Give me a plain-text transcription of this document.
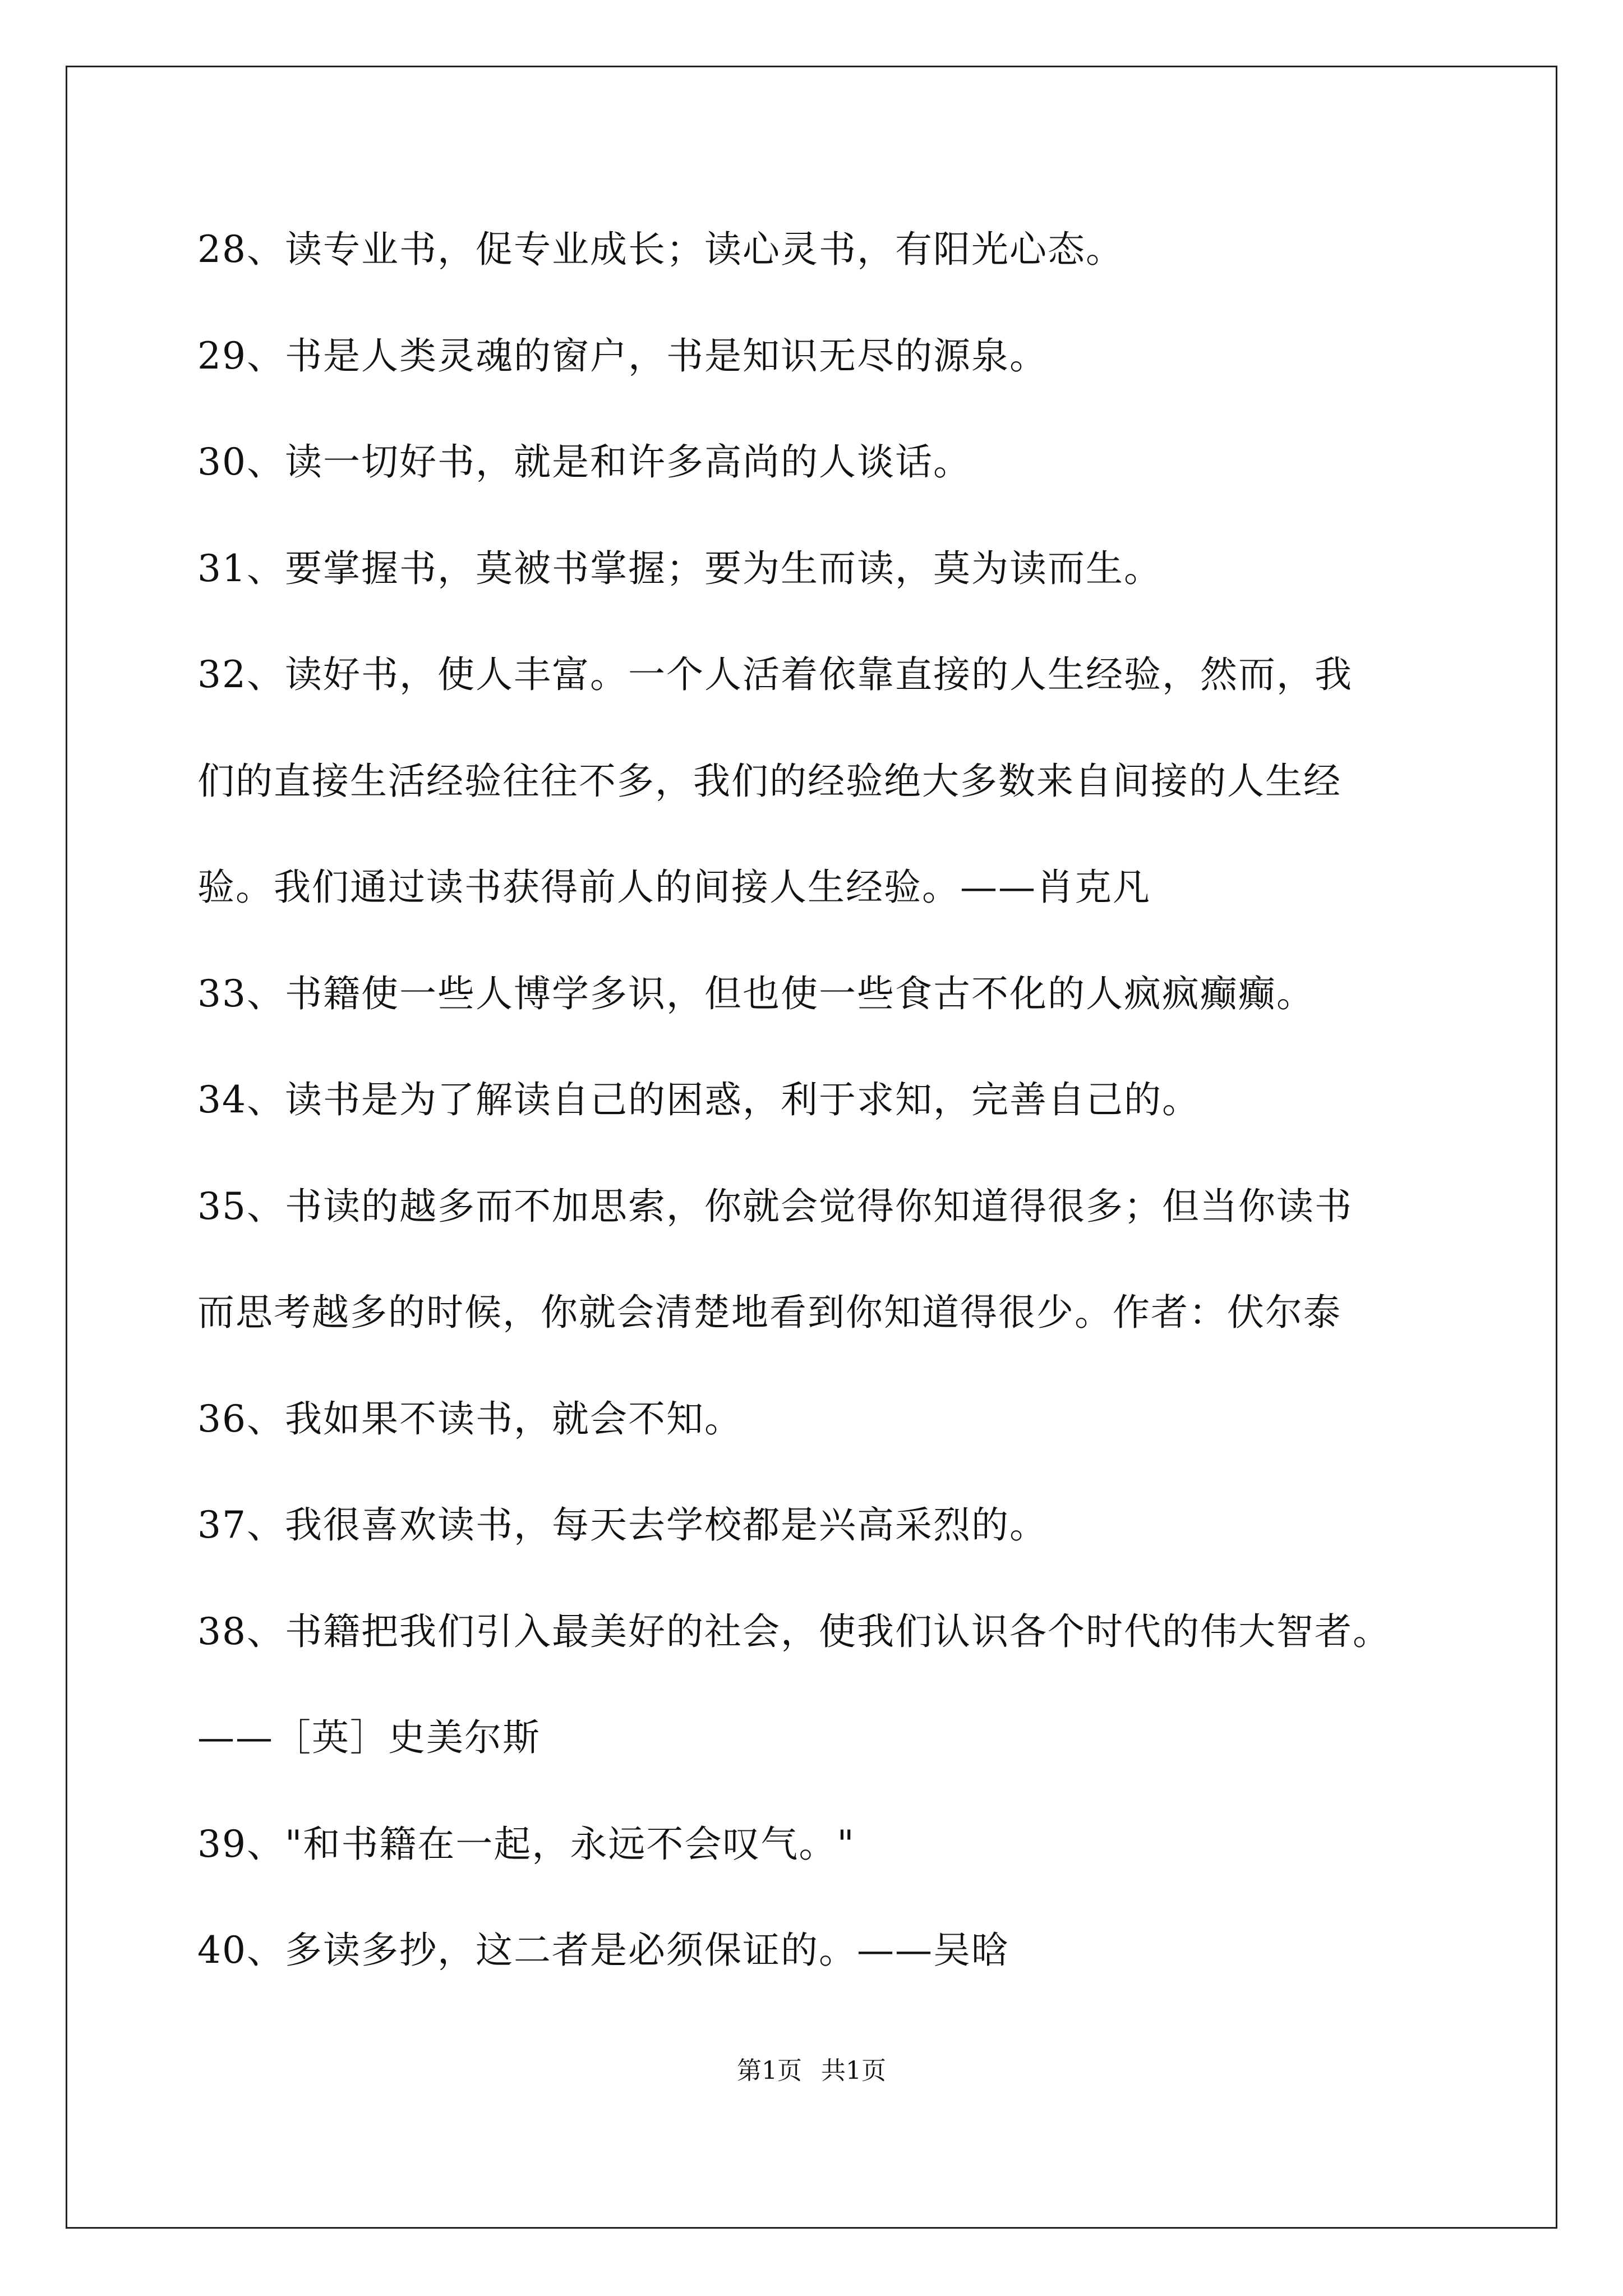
28、读专业书，促专业成长；读心灵书，有阳光心态。
29、书是人类灵魂的窗户，书是知识无尽的源泉。
30、读一切好书，就是和许多高尚的人谈话。
31、要掌握书，莫被书掌握；要为生而读，莫为读而生。
32、读好书，使人丰富。一个人活着依靠直接的人生经验，然而，我
们的直接生活经验往往不多，我们的经验绝大多数来自间接的人生经
验。我们通过读书获得前人的间接人生经验。——肖克凡
33、书籍使一些人博学多识，但也使一些食古不化的人疯疯癫癫。
34、读书是为了解读自己的困惑，利于求知，完善自己的。
35、书读的越多而不加思索，你就会觉得你知道得很多；但当你读书
而思考越多的时候，你就会清楚地看到你知道得很少。作者：伏尔泰
36、我如果不读书，就会不知。
37、我很喜欢读书，每天去学校都是兴高采烈的。
38、书籍把我们引入最美好的社会，使我们认识各个时代的伟大智者。
——［英］史美尔斯
39、"和书籍在一起，永远不会叹气。"
40、多读多抄，这二者是必须保证的。——吴晗
第1页 共1页
